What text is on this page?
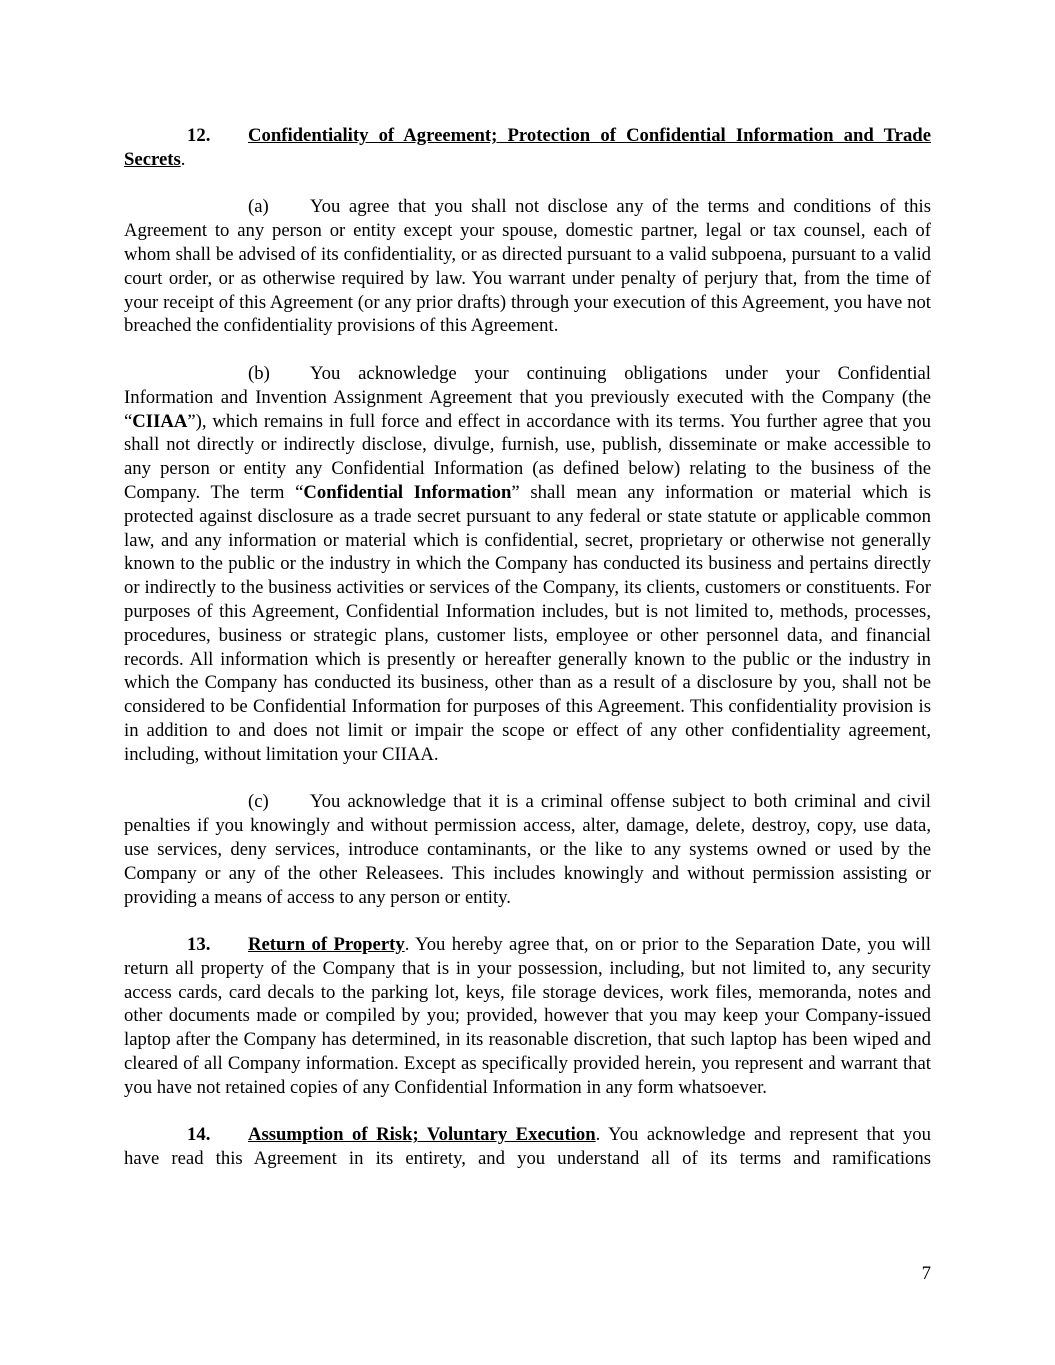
12. Confidentiality of Agreement; Protection of Confidential Information and Trade Secrets.

(a) You agree that you shall not disclose any of the terms and conditions of this Agreement to any person or entity except your spouse, domestic partner, legal or tax counsel, each of whom shall be advised of its confidentiality, or as directed pursuant to a valid subpoena, pursuant to a valid court order, or as otherwise required by law. You warrant under penalty of perjury that, from the time of your receipt of this Agreement (or any prior drafts) through your execution of this Agreement, you have not breached the confidentiality provisions of this Agreement.

(b) You acknowledge your continuing obligations under your Confidential Information and Invention Assignment Agreement that you previously executed with the Company (the “CIIAA”), which remains in full force and effect in accordance with its terms. You further agree that you shall not directly or indirectly disclose, divulge, furnish, use, publish, disseminate or make accessible to any person or entity any Confidential Information (as defined below) relating to the business of the Company. The term “Confidential Information” shall mean any information or material which is protected against disclosure as a trade secret pursuant to any federal or state statute or applicable common law, and any information or material which is confidential, secret, proprietary or otherwise not generally known to the public or the industry in which the Company has conducted its business and pertains directly or indirectly to the business activities or services of the Company, its clients, customers or constituents. For purposes of this Agreement, Confidential Information includes, but is not limited to, methods, processes, procedures, business or strategic plans, customer lists, employee or other personnel data, and financial records. All information which is presently or hereafter generally known to the public or the industry in which the Company has conducted its business, other than as a result of a disclosure by you, shall not be considered to be Confidential Information for purposes of this Agreement. This confidentiality provision is in addition to and does not limit or impair the scope or effect of any other confidentiality agreement, including, without limitation your CIIAA.

(c) You acknowledge that it is a criminal offense subject to both criminal and civil penalties if you knowingly and without permission access, alter, damage, delete, destroy, copy, use data, use services, deny services, introduce contaminants, or the like to any systems owned or used by the Company or any of the other Releasees. This includes knowingly and without permission assisting or providing a means of access to any person or entity.

13. Return of Property. You hereby agree that, on or prior to the Separation Date, you will return all property of the Company that is in your possession, including, but not limited to, any security access cards, card decals to the parking lot, keys, file storage devices, work files, memoranda, notes and other documents made or compiled by you; provided, however that you may keep your Company-issued laptop after the Company has determined, in its reasonable discretion, that such laptop has been wiped and cleared of all Company information. Except as specifically provided herein, you represent and warrant that you have not retained copies of any Confidential Information in any form whatsoever.

14. Assumption of Risk; Voluntary Execution. You acknowledge and represent that you have read this Agreement in its entirety, and you understand all of its terms and ramifications

7
